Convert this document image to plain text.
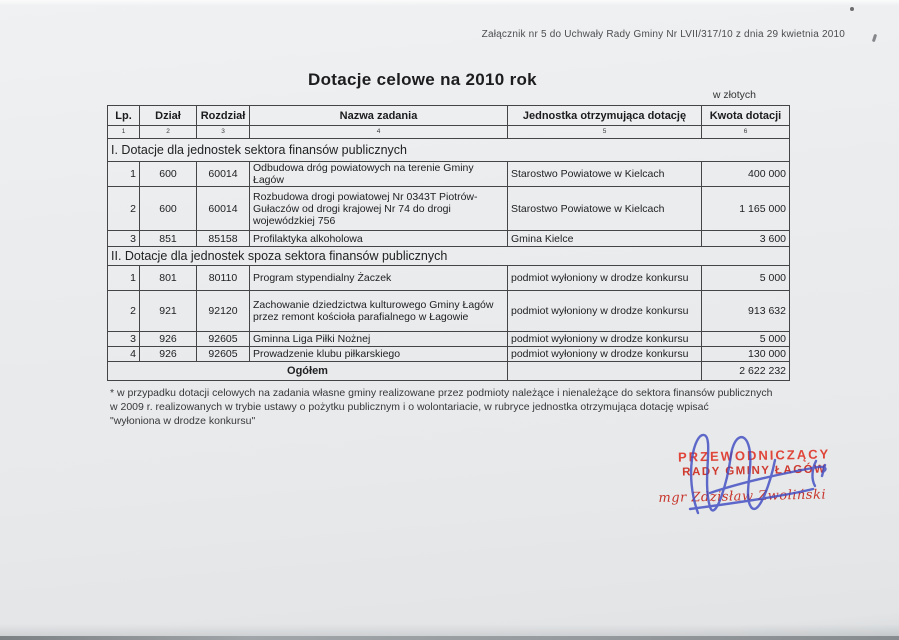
Załącznik nr 5 do Uchwały Rady Gminy Nr LVII/317/10 z dnia 29 kwietnia 2010
Dotacje celowe na 2010 rok
w złotych
Lp.	Dział	Rozdział	Nazwa zadania	Jednostka otrzymująca dotację	Kwota dotacji
1	2	3	4	5	6
I. Dotacje dla jednostek sektora finansów publicznych					
1	600	60014	Odbudowa dróg powiatowych na terenie Gminy Łagów	Starostwo Powiatowe w Kielcach	400 000
2	600	60014	Rozbudowa drogi powiatowej Nr 0343T Piotrów-Gułaczów od drogi krajowej Nr 74 do drogi wojewódzkiej 756	Starostwo Powiatowe w Kielcach	1 165 000
3	851	85158	Profilaktyka alkoholowa	Gmina Kielce	3 600
II. Dotacje dla jednostek spoza sektora finansów publicznych					
1	801	80110	Program stypendialny Żaczek	podmiot wyłoniony w drodze konkursu	5 000
2	921	92120	Zachowanie dziedzictwa kulturowego Gminy Łagów przez remont kościoła parafialnego w Łagowie	podmiot wyłoniony w drodze konkursu	913 632
3	926	92605	Gminna Liga Piłki Nożnej	podmiot wyłoniony w drodze konkursu	5 000
4	926	92605	Prowadzenie klubu piłkarskiego	podmiot wyłoniony w drodze konkursu	130 000
Ogółem					2 622 232
* w przypadku dotacji celowych na zadania własne gminy realizowane przez podmioty należące i nienależące do sektora finansów publicznych
w 2009 r. realizowanych w trybie ustawy o pożytku publicznym i o wolontariacie, w rubryce jednostka otrzymująca dotację wpisać
"wyłoniona w drodze konkursu"
PRZEWODNICZĄCY
RADY GMINY ŁAGÓW
mgr Zdzisław Zwoliński
